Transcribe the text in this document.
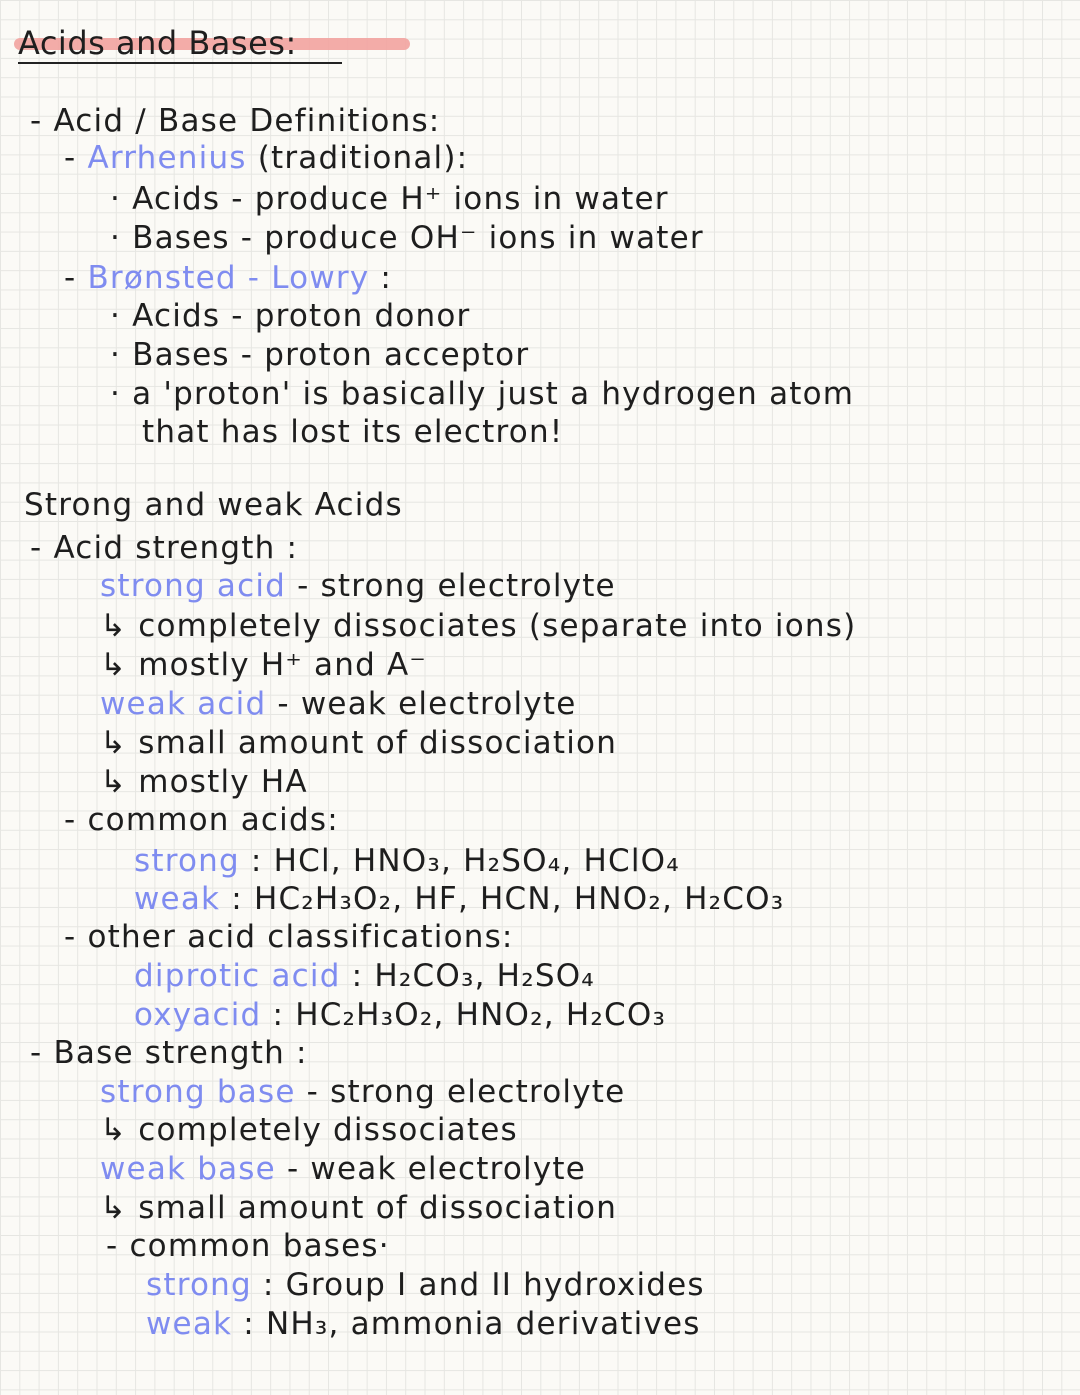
Acids and Bases:
- Acid / Base Definitions:
- Arrhenius (traditional):
· Acids - produce H⁺ ions in water
· Bases - produce OH⁻ ions in water
- Brønsted - Lowry :
· Acids - proton donor
· Bases - proton acceptor
· a 'proton' is basically just a hydrogen atom
that has lost its electron!
Strong and weak Acids
- Acid strength :
strong acid - strong electrolyte
↳ completely dissociates (separate into ions)
↳ mostly H⁺ and A⁻
weak acid - weak electrolyte
↳ small amount of dissociation
↳ mostly HA
- common acids:
strong : HCl, HNO₃, H₂SO₄, HClO₄
weak : HC₂H₃O₂, HF, HCN, HNO₂, H₂CO₃
- other acid classifications:
diprotic acid : H₂CO₃, H₂SO₄
oxyacid : HC₂H₃O₂, HNO₂, H₂CO₃
- Base strength :
strong base - strong electrolyte
↳ completely dissociates
weak base - weak electrolyte
↳ small amount of dissociation
- common bases·
strong : Group I and II hydroxides
weak : NH₃, ammonia derivatives
